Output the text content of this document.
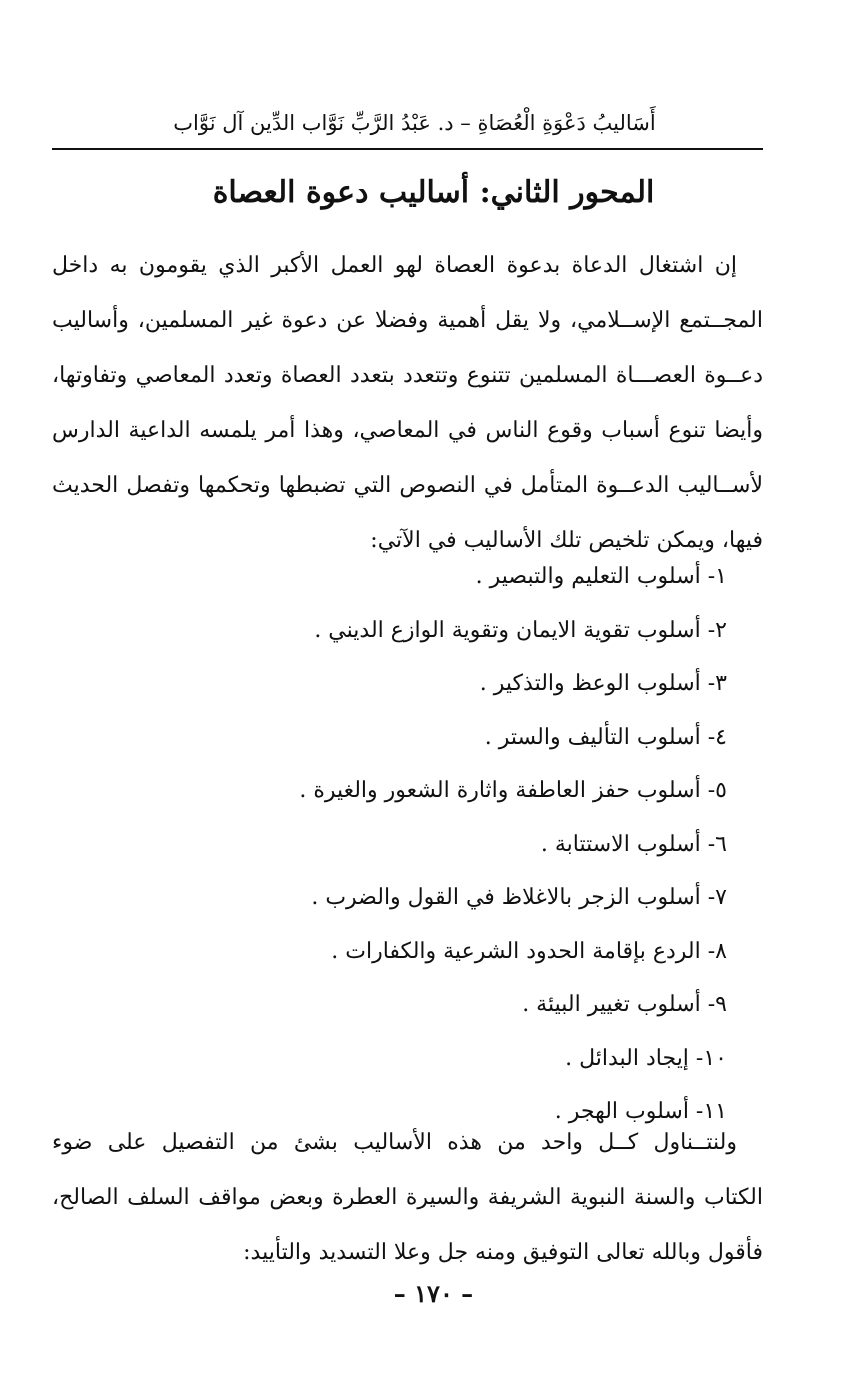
أَسَاليبُ دَعْوَةِ الْعُصَاةِ – د. عَبْدُ الرَّبِّ نَوَّاب الدِّين آل نَوَّاب
المحور الثاني: أساليب دعوة العصاة
إن اشتغال الدعاة بدعوة العصاة لهو العمل الأكبر الذي يقومون به داخل
المجــتمع الإســلامي، ولا يقل أهمية وفضلا عن دعوة غير المسلمين، وأساليب
دعــوة العصـــاة المسلمين تتنوع وتتعدد بتعدد العصاة وتعدد المعاصي وتفاوتها،
وأيضا تنوع أسباب وقوع الناس في المعاصي، وهذا أمر يلمسه الداعية الدارس
لأســاليب الدعــوة المتأمل في النصوص التي تضبطها وتحكمها وتفصل الحديث
فيها، ويمكن تلخيص تلك الأساليب في الآتي:
١- أسلوب التعليم والتبصير .
٢- أسلوب تقوية الايمان وتقوية الوازع الديني .
٣- أسلوب الوعظ والتذكير .
٤- أسلوب التأليف والستر .
٥- أسلوب حفز العاطفة واثارة الشعور والغيرة .
٦- أسلوب الاستتابة .
٧- أسلوب الزجر بالاغلاظ في القول والضرب .
٨- الردع بإقامة الحدود الشرعية والكفارات .
٩- أسلوب تغيير البيئة .
١٠- إيجاد البدائل .
١١- أسلوب الهجر .
ولنتــناول كــل واحد من هذه الأساليب بشئ من التفصيل على ضوء
الكتاب والسنة النبوية الشريفة والسيرة العطرة وبعض مواقف السلف الصالح،
فأقول وبالله تعالى التوفيق ومنه جل وعلا التسديد والتأييد:
– ١٧٠ –
